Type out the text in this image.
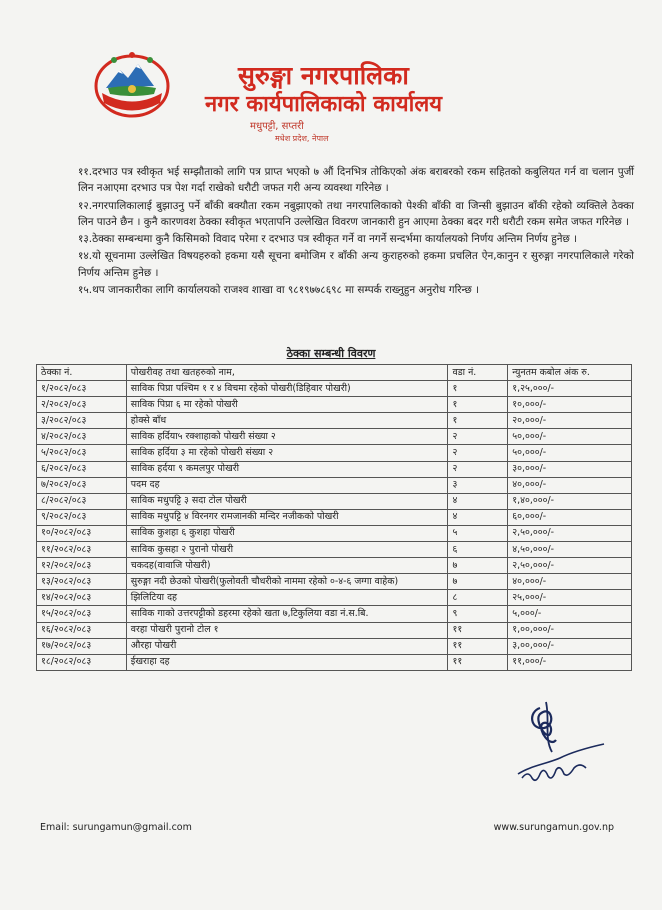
सुरुङ्गा नगरपालिका
नगर कार्यपालिकाको कार्यालय
मधुपट्टी, सप्तरी
मधेश प्रदेश, नेपाल

११.दरभाउ पत्र स्वीकृत भई सम्झौताको लागि पत्र प्राप्त भएको ७ औं दिनभित्र तोकिएको अंक बराबरको रकम सहितको कबुलियत गर्न वा चलान पुर्जी लिन नआएमा दरभाउ पत्र पेश गर्दा राखेको धरौटी जफत गरी अन्य व्यवस्था गरिनेछ ।

१२.नगरपालिकालाई बुझाउनु पर्ने बाँकी बक्यौता रकम नबुझाएको तथा नगरपालिकाको पेश्की बाँकी वा जिन्सी बुझाउन बाँकी रहेको व्यक्तिले ठेक्का लिन पाउने छैन । कुनै कारणवश ठेक्का स्वीकृत भएतापनि उल्लेखित विवरण जानकारी हुन आएमा ठेक्का बदर गरी धरौटी रकम समेत जफत गरिनेछ ।

१३.ठेक्का सम्बन्धमा कुनै किसिमको विवाद परेमा र दरभाउ पत्र स्वीकृत गर्ने वा नगर्ने सन्दर्भमा कार्यालयको निर्णय अन्तिम निर्णय हुनेछ ।

१४.यो सूचनामा उल्लेखित विषयहरुको हकमा यसै सूचना बमोजिम र बाँकी अन्य कुराहरुको हकमा प्रचलित ऐन,कानुन र सुरुङ्गा नगरपालिकाले गरेको निर्णय अन्तिम हुनेछ ।

१५.थप जानकारीका लागि कार्यालयको राजश्व शाखा वा ९८१९७७८६९८ मा सम्पर्क राख्नुहुन अनुरोध गरिन्छ ।

ठेक्का सम्बन्धी विवरण
ठेक्का नं.	पोखरीवह तथा खतहरुको नाम,	वडा नं.	न्युनतम कबोल अंक रु.
१/२०८२/०८३	साविक पिप्रा पश्चिम १ र ४ विचमा रहेको पोखरी(डिहिवार पोखरी)	१	१,२५,०००/-
२/२०८२/०८३	साविक पिप्रा ६ मा रहेको पोखरी	१	१०,०००/-
३/२०८२/०८३	होक्से बाँध	१	२०,०००/-
४/२०८२/०८३	साविक हर्दिया५ रक्शाहाको पोखरी संख्या २	२	५०,०००/-
५/२०८२/०८३	साविक हर्दिया ३ मा रहेको पोखरी संख्या २	२	५०,०००/-
६/२०८२/०८३	साविक हर्दया ९ कमलपुर पोखरी	२	३०,०००/-
७/२०८२/०८३	पदम दह	३	४०,०००/-
८/२०८२/०८३	साविक मधुपट्टि ३ सदा टोल पोखरी	४	१,४०,०००/-
९/२०८२/०८३	साविक मधुपट्टि ४ विरनगर रामजानकी मन्दिर नजीकको पोखरी	४	६०,०००/-
१०/२०८२/०८३	साविक कुशहा ६ कुशहा पोखरी	५	२,५०,०००/-
११/२०८२/०८३	साविक कुसहा २ पुरानो पोखरी	६	४,५०,०००/-
१२/२०८२/०८३	चकदह(वावाजि पोखरी)	७	२,५०,०००/-
१३/२०८२/०८३	सुरुङ्गा नदी छेउको पोखरी(फुलोवती चौधरीको नाममा रहेको ०-४-६ जग्गा वाहेक)	७	४०,०००/-
१४/२०८२/०८३	झिलिटिया दह	८	२५,०००/-
१५/२०८२/०८३	साविक गाको उत्तरपट्टीको डहरमा रहेको खता ७,टिकुलिया वडा नं.स.बि.	९	५,०००/-
१६/२०८२/०८३	वरहा पोखरी पुरानो टोल १	११	१,००,०००/-
१७/२०८२/०८३	औरहा पोखरी	११	३,००,०००/-
१८/२०८२/०८३	ईखराहा दह	११	११,०००/-
Email: surungamun@gmail.com	www.surungamun.gov.np
